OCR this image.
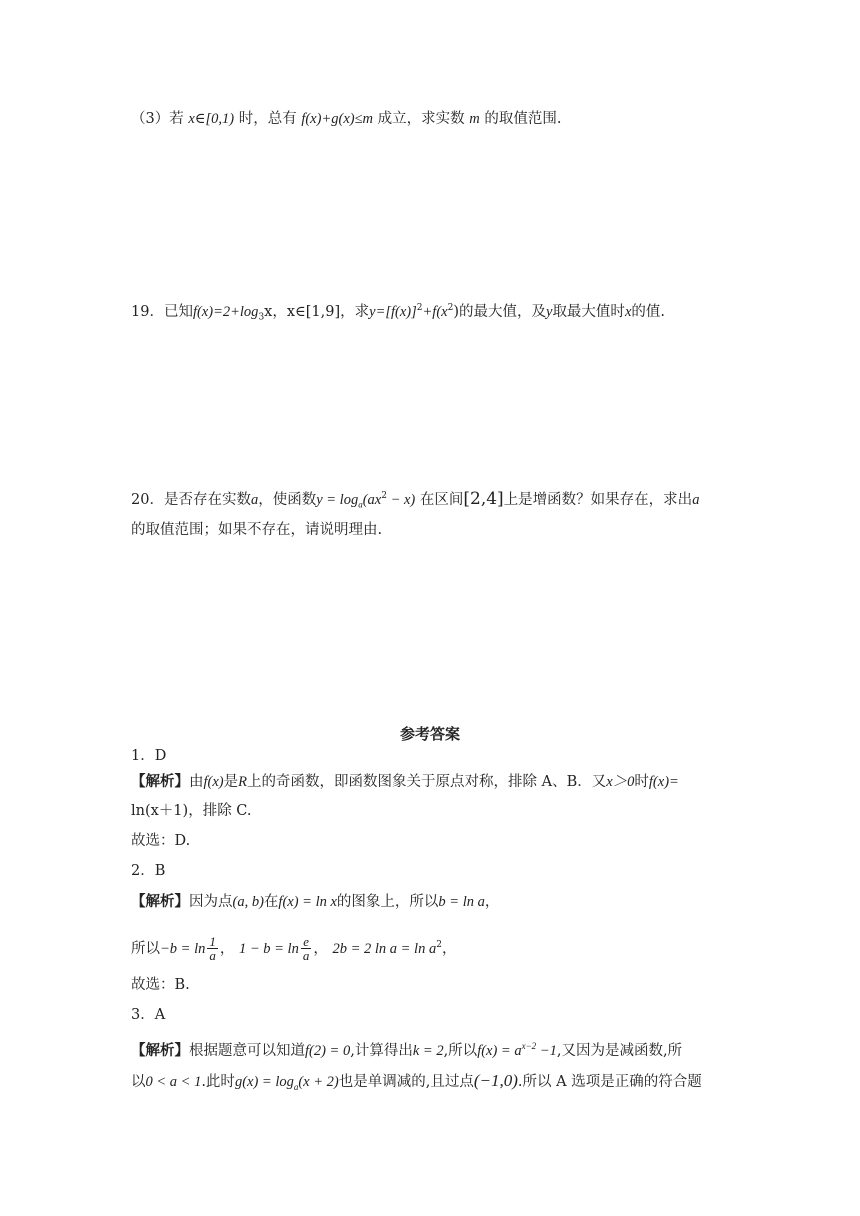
（3）若 x∈[0,1) 时，总有 f(x)+g(x)≤m 成立，求实数 m 的取值范围.
19．已知$f(x)=2+\log_3x$，x∈[1,9]，求$y=[f(x)]^2+f(x^2)$的最大值，及y取最大值时x的值.
20．是否存在实数a，使函数$y = \log_a(ax^2 - x)$ 在区间[2,4]上是增函数？如果存在，求出a
的取值范围；如果不存在，请说明理由.
参考答案
1．D
【解析】由f(x)是R上的奇函数，即函数图象关于原点对称，排除 A、B．又x＞0时f(x)=
ln(x＋1)，排除 C.
故选：D.
2．B
【解析】因为点(a, b)在f(x) = ln x的图象上，所以b = ln a，
所以$-b = \ln \frac{1}{a}$ ， $1 - b = \ln \frac{e}{a}$ ， 2b = 2 $\ln a = \ln a^2$，
故选：B.
3．A
【解析】根据题意可以知道f(2) = 0,计算得出k = 2,所以$f(x) = a^{x-2} -1$,又因为是减函数,所
以0 < a < 1.此时$g(x) = \log_a(x + 2)$也是单调减的,且过点(−1,0).所以 A 选项是正确的符合题
